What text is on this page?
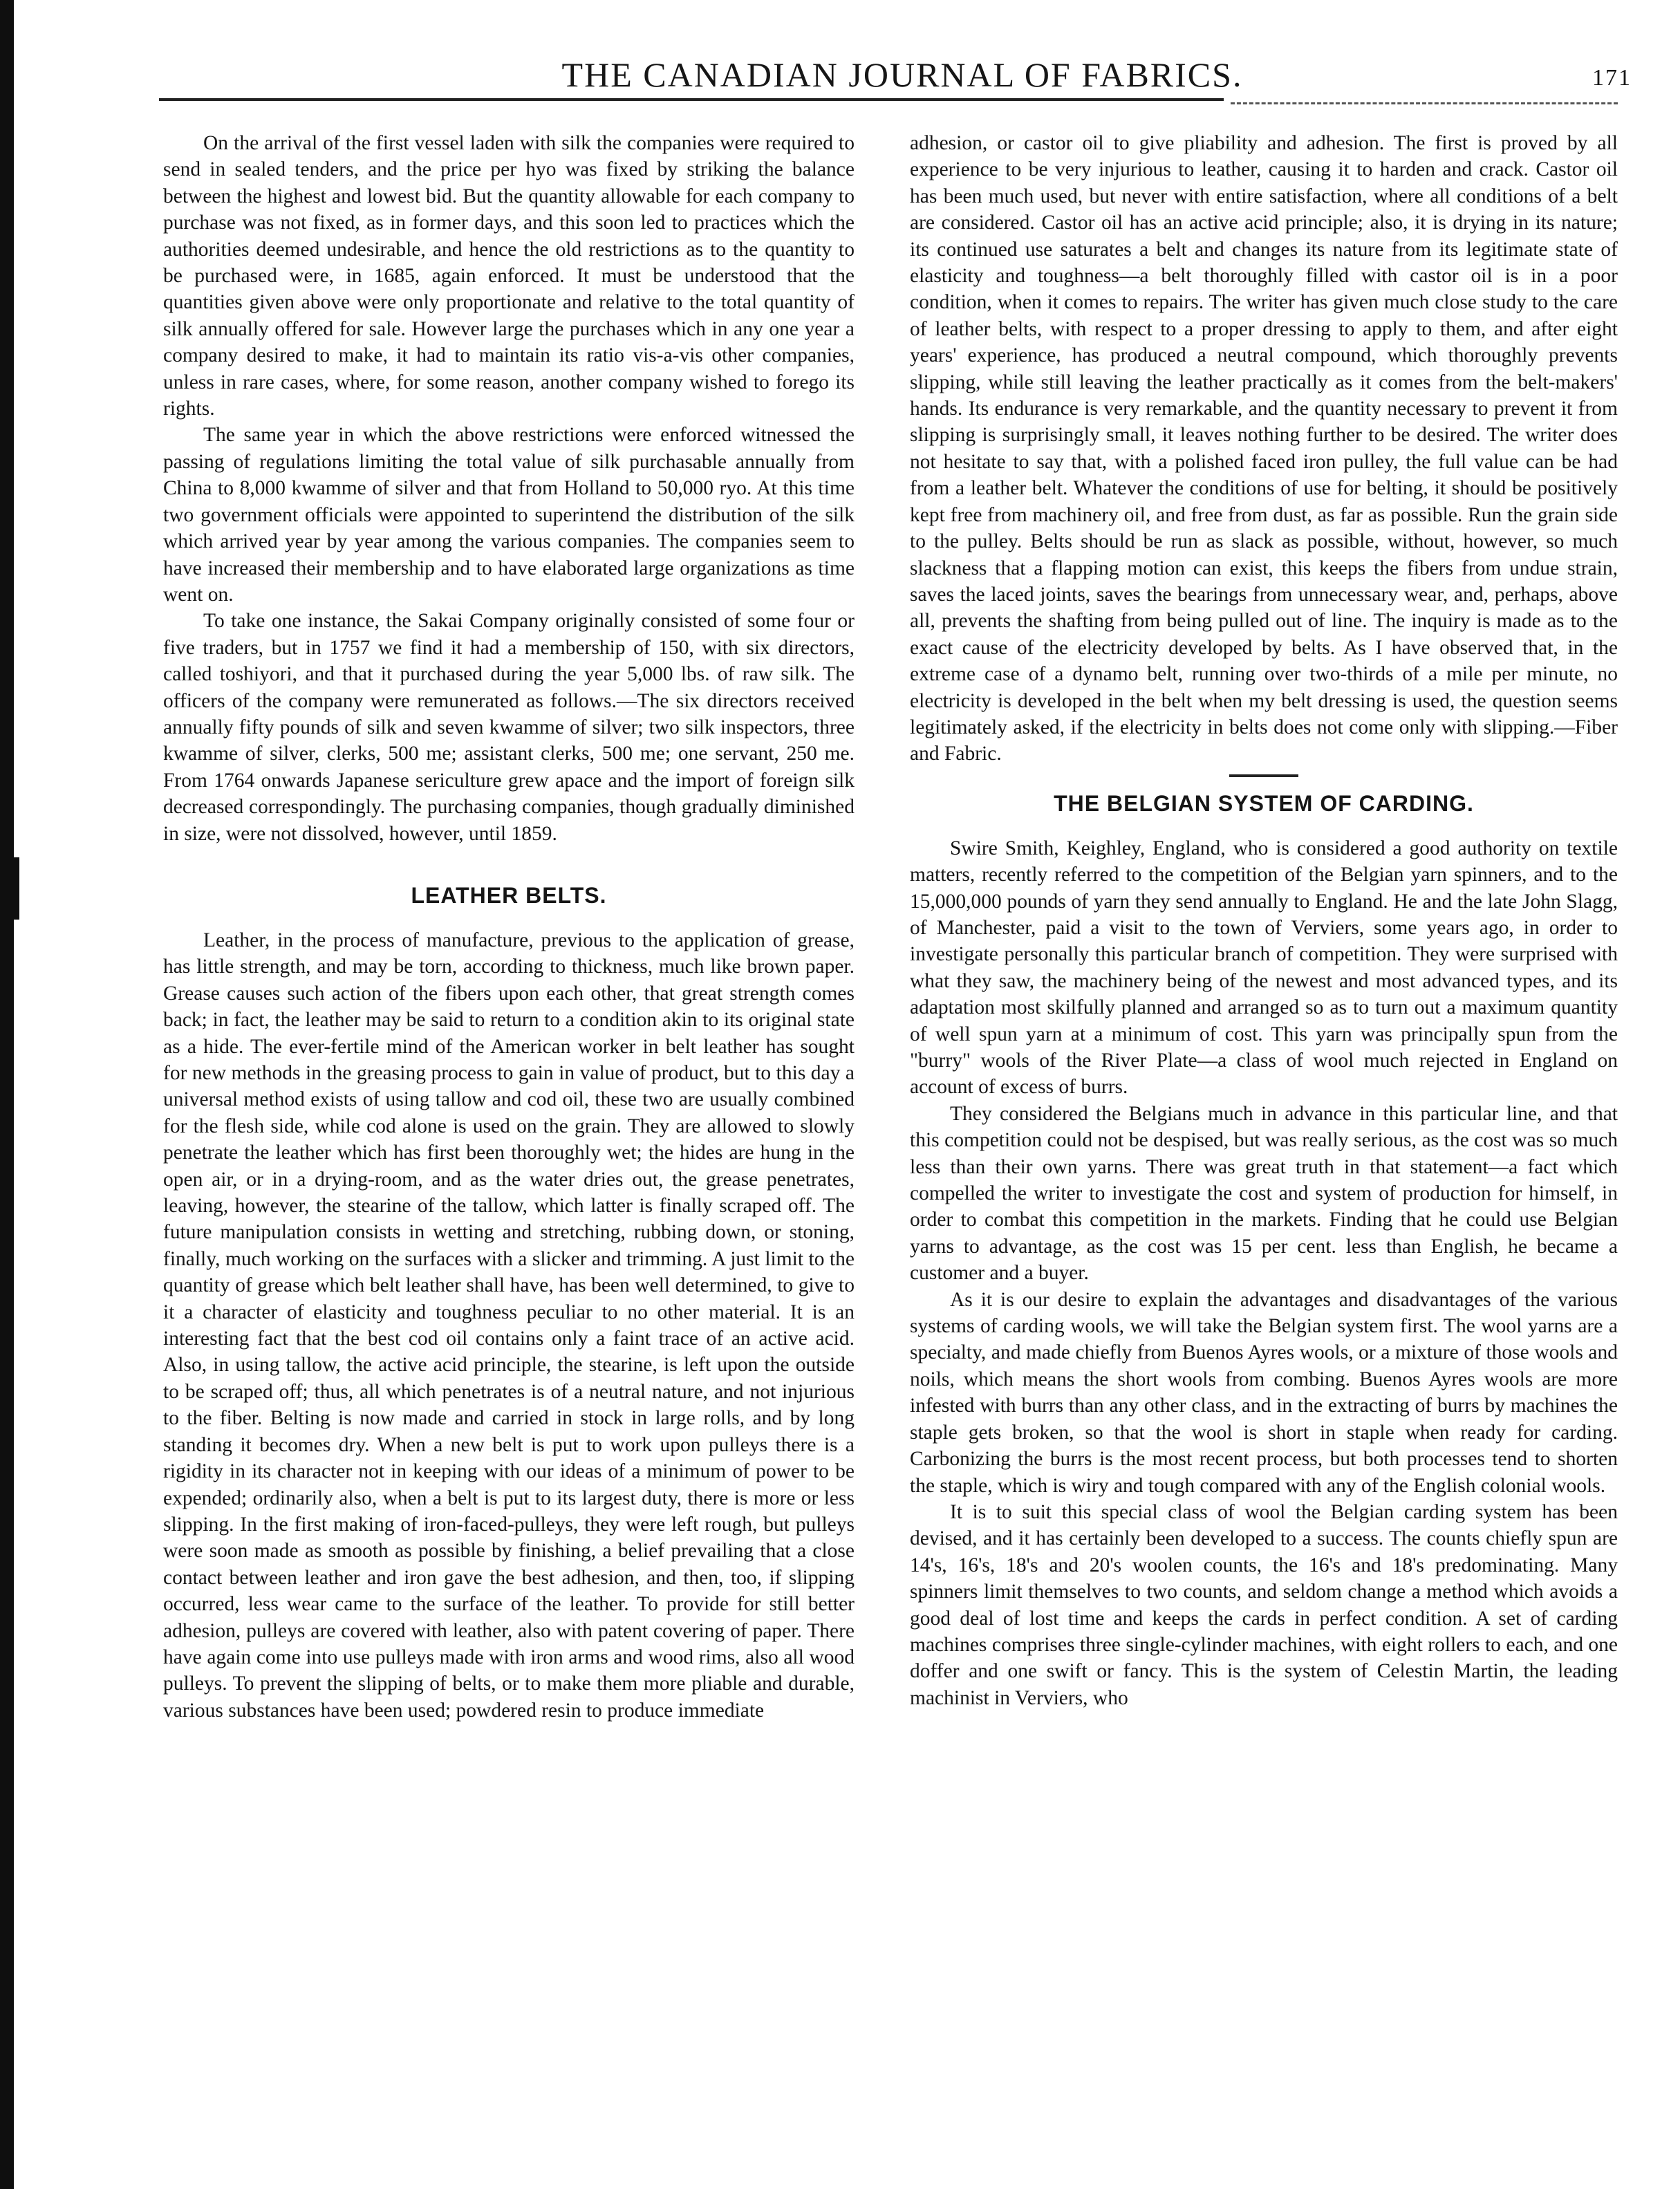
THE CANADIAN JOURNAL OF FABRICS.	171

On the arrival of the first vessel laden with silk the companies were required to send in sealed tenders, and the price per hyo was fixed by striking the balance between the highest and lowest bid. But the quantity allowable for each company to purchase was not fixed, as in former days, and this soon led to practices which the authorities deemed undesirable, and hence the old restrictions as to the quantity to be purchased were, in 1685, again enforced. It must be understood that the quantities given above were only proportionate and relative to the total quantity of silk annually offered for sale. However large the purchases which in any one year a company desired to make, it had to maintain its ratio vis-a-vis other companies, unless in rare cases, where, for some reason, another company wished to forego its rights.

The same year in which the above restrictions were enforced witnessed the passing of regulations limiting the total value of silk purchasable annually from China to 8,000 kwamme of silver and that from Holland to 50,000 ryo. At this time two government officials were appointed to superintend the distribution of the silk which arrived year by year among the various companies. The companies seem to have increased their membership and to have elaborated large organizations as time went on.

To take one instance, the Sakai Company originally consisted of some four or five traders, but in 1757 we find it had a membership of 150, with six directors, called toshiyori, and that it purchased during the year 5,000 lbs. of raw silk. The officers of the company were remunerated as follows.—The six directors received annually fifty pounds of silk and seven kwamme of silver; two silk inspectors, three kwamme of silver, clerks, 500 me; assistant clerks, 500 me; one servant, 250 me. From 1764 onwards Japanese sericulture grew apace and the import of foreign silk decreased correspondingly. The purchasing companies, though gradually diminished in size, were not dissolved, however, until 1859.

LEATHER BELTS.

Leather, in the process of manufacture, previous to the application of grease, has little strength, and may be torn, according to thickness, much like brown paper. Grease causes such action of the fibers upon each other, that great strength comes back; in fact, the leather may be said to return to a condition akin to its original state as a hide. The ever-fertile mind of the American worker in belt leather has sought for new methods in the greasing process to gain in value of product, but to this day a universal method exists of using tallow and cod oil, these two are usually combined for the flesh side, while cod alone is used on the grain. They are allowed to slowly penetrate the leather which has first been thoroughly wet; the hides are hung in the open air, or in a drying-room, and as the water dries out, the grease penetrates, leaving, however, the stearine of the tallow, which latter is finally scraped off. The future manipulation consists in wetting and stretching, rubbing down, or stoning, finally, much working on the surfaces with a slicker and trimming. A just limit to the quantity of grease which belt leather shall have, has been well determined, to give to it a character of elasticity and toughness peculiar to no other material. It is an interesting fact that the best cod oil contains only a faint trace of an active acid. Also, in using tallow, the active acid principle, the stearine, is left upon the outside to be scraped off; thus, all which penetrates is of a neutral nature, and not injurious to the fiber. Belting is now made and carried in stock in large rolls, and by long standing it becomes dry. When a new belt is put to work upon pulleys there is a rigidity in its character not in keeping with our ideas of a minimum of power to be expended; ordinarily also, when a belt is put to its largest duty, there is more or less slipping. In the first making of iron-faced-pulleys, they were left rough, but pulleys were soon made as smooth as possible by finishing, a belief prevailing that a close contact between leather and iron gave the best adhesion, and then, too, if slipping occurred, less wear came to the surface of the leather. To provide for still better adhesion, pulleys are covered with leather, also with patent covering of paper. There have again come into use pulleys made with iron arms and wood rims, also all wood pulleys. To prevent the slipping of belts, or to make them more pliable and durable, various substances have been used; powdered resin to produce immediate

adhesion, or castor oil to give pliability and adhesion. The first is proved by all experience to be very injurious to leather, causing it to harden and crack. Castor oil has been much used, but never with entire satisfaction, where all conditions of a belt are considered. Castor oil has an active acid principle; also, it is drying in its nature; its continued use saturates a belt and changes its nature from its legitimate state of elasticity and toughness—a belt thoroughly filled with castor oil is in a poor condition, when it comes to repairs. The writer has given much close study to the care of leather belts, with respect to a proper dressing to apply to them, and after eight years' experience, has produced a neutral compound, which thoroughly prevents slipping, while still leaving the leather practically as it comes from the belt-makers' hands. Its endurance is very remarkable, and the quantity necessary to prevent it from slipping is surprisingly small, it leaves nothing further to be desired. The writer does not hesitate to say that, with a polished faced iron pulley, the full value can be had from a leather belt. Whatever the conditions of use for belting, it should be positively kept free from machinery oil, and free from dust, as far as possible. Run the grain side to the pulley. Belts should be run as slack as possible, without, however, so much slackness that a flapping motion can exist, this keeps the fibers from undue strain, saves the laced joints, saves the bearings from unnecessary wear, and, perhaps, above all, prevents the shafting from being pulled out of line. The inquiry is made as to the exact cause of the electricity developed by belts. As I have observed that, in the extreme case of a dynamo belt, running over two-thirds of a mile per minute, no electricity is developed in the belt when my belt dressing is used, the question seems legitimately asked, if the electricity in belts does not come only with slipping.—Fiber and Fabric.

THE BELGIAN SYSTEM OF CARDING.

Swire Smith, Keighley, England, who is considered a good authority on textile matters, recently referred to the competition of the Belgian yarn spinners, and to the 15,000,000 pounds of yarn they send annually to England. He and the late John Slagg, of Manchester, paid a visit to the town of Verviers, some years ago, in order to investigate personally this particular branch of competition. They were surprised with what they saw, the machinery being of the newest and most advanced types, and its adaptation most skilfully planned and arranged so as to turn out a maximum quantity of well spun yarn at a minimum of cost. This yarn was principally spun from the "burry" wools of the River Plate—a class of wool much rejected in England on account of excess of burrs.

They considered the Belgians much in advance in this particular line, and that this competition could not be despised, but was really serious, as the cost was so much less than their own yarns. There was great truth in that statement—a fact which compelled the writer to investigate the cost and system of production for himself, in order to combat this competition in the markets. Finding that he could use Belgian yarns to advantage, as the cost was 15 per cent. less than English, he became a customer and a buyer.

As it is our desire to explain the advantages and disadvantages of the various systems of carding wools, we will take the Belgian system first. The wool yarns are a specialty, and made chiefly from Buenos Ayres wools, or a mixture of those wools and noils, which means the short wools from combing. Buenos Ayres wools are more infested with burrs than any other class, and in the extracting of burrs by machines the staple gets broken, so that the wool is short in staple when ready for carding. Carbonizing the burrs is the most recent process, but both processes tend to shorten the staple, which is wiry and tough compared with any of the English colonial wools.

It is to suit this special class of wool the Belgian carding system has been devised, and it has certainly been developed to a success. The counts chiefly spun are 14's, 16's, 18's and 20's woolen counts, the 16's and 18's predominating. Many spinners limit themselves to two counts, and seldom change a method which avoids a good deal of lost time and keeps the cards in perfect condition. A set of carding machines comprises three single-cylinder machines, with eight rollers to each, and one doffer and one swift or fancy. This is the system of Celestin Martin, the leading machinist in Verviers, who
